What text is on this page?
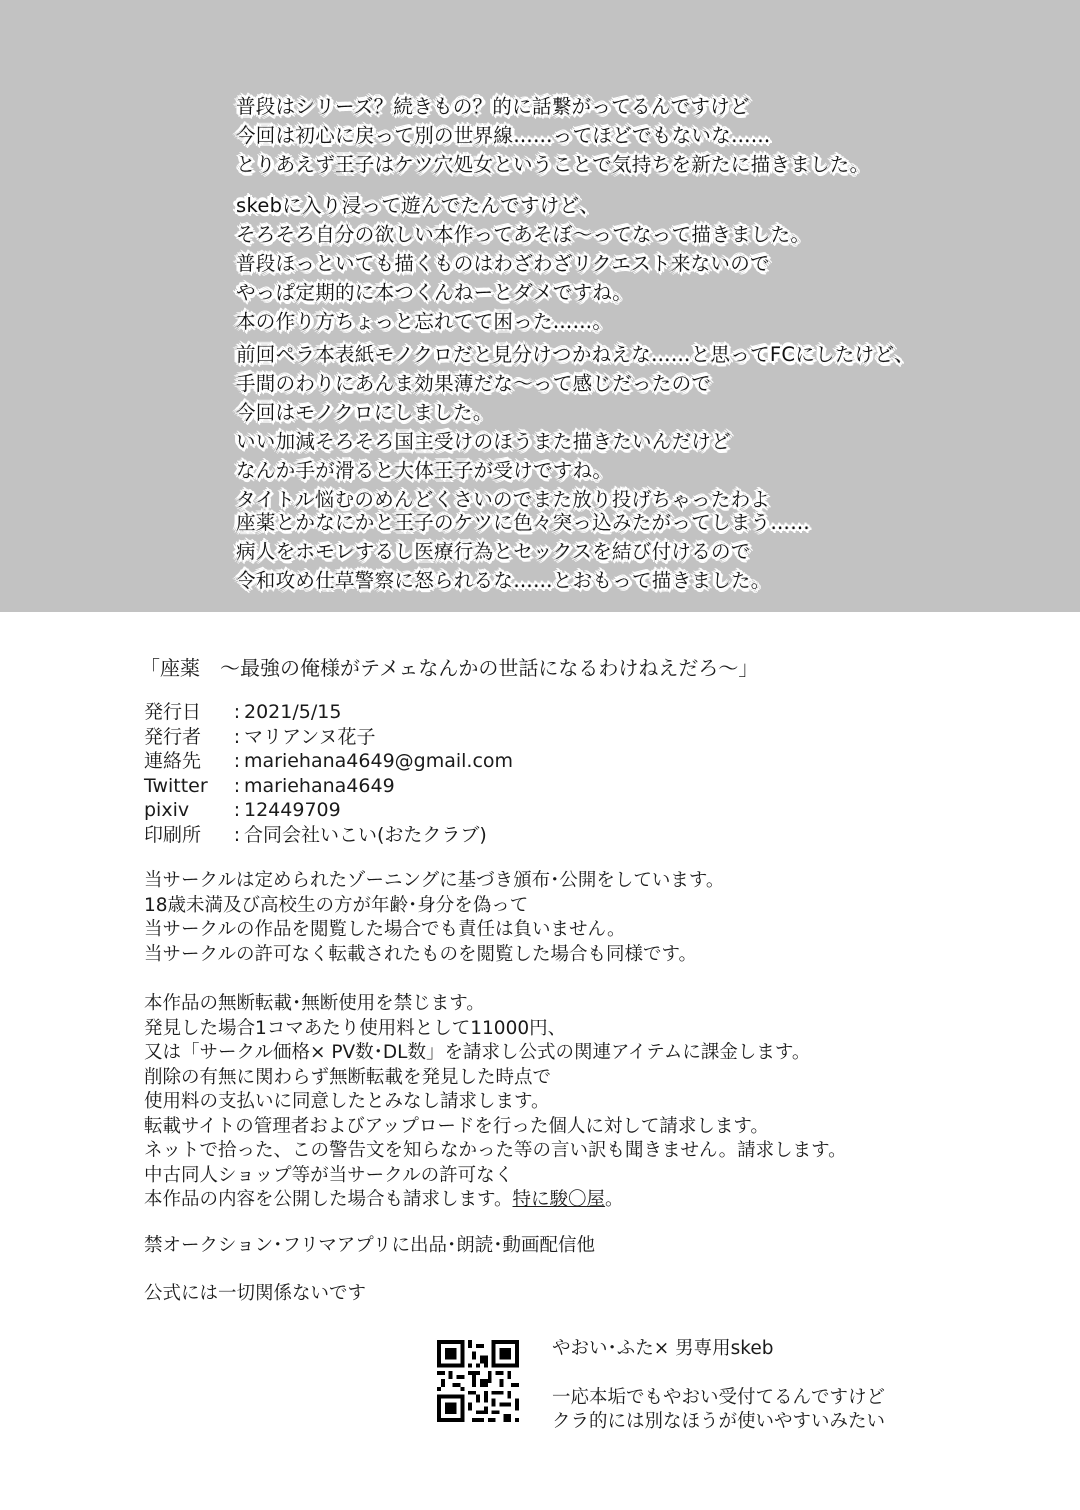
普段はシリーズ？続きもの？的に話繋がってるんですけど
今回は初心に戻って別の世界線……ってほどでもないな……
とりあえず王子はケツ穴処女ということで気持ちを新たに描きました。
skebに入り浸って遊んでたんですけど、
そろそろ自分の欲しい本作ってあそぼ～ってなって描きました。
普段ほっといても描くものはわざわざリクエスト来ないので
やっぱ定期的に本つくんねーとダメですね。
本の作り方ちょっと忘れてて困った……。
前回ペラ本表紙モノクロだと見分けつかねえな……と思ってFCにしたけど、
手間のわりにあんま効果薄だな～って感じだったので
今回はモノクロにしました。
いい加減そろそろ国主受けのほうまた描きたいんだけど
なんか手が滑ると大体王子が受けですね。
タイトル悩むのめんどくさいのでまた放り投げちゃったわよ
座薬とかなにかと王子のケツに色々突っ込みたがってしまう……
病人をホモレするし医療行為とセックスを結び付けるので
令和攻め仕草警察に怒られるな……とおもって描きました。
「座薬　～最強の俺様がテメェなんかの世話になるわけねえだろ～」
発行日	: 2021/5/15
発行者	: マリアンヌ花子
連絡先	: mariehana4649@gmail.com
Twitter	: mariehana4649
pixiv	: 12449709
印刷所	: 合同会社いこい(おたクラブ)
当サークルは定められたゾーニングに基づき頒布･公開をしています。
18歳未満及び高校生の方が年齢･身分を偽って
当サークルの作品を閲覧した場合でも責任は負いません。
当サークルの許可なく転載されたものを閲覧した場合も同様です。
本作品の無断転載･無断使用を禁じます。
発見した場合1コマあたり使用料として11000円、
又は「サークル価格× PV数･DL数」を請求し公式の関連アイテムに課金します。
削除の有無に関わらず無断転載を発見した時点で
使用料の支払いに同意したとみなし請求します。
転載サイトの管理者およびアップロードを行った個人に対して請求します。
ネットで拾った、この警告文を知らなかった等の言い訳も聞きません。請求します。
中古同人ショップ等が当サークルの許可なく
本作品の内容を公開した場合も請求します。特に駿〇屋。
禁オークション･フリマアプリに出品･朗読･動画配信他
公式には一切関係ないです
やおい･ふた× 男専用skeb
一応本垢でもやおい受付てるんですけど
クラ的には別なほうが使いやすいみたい
